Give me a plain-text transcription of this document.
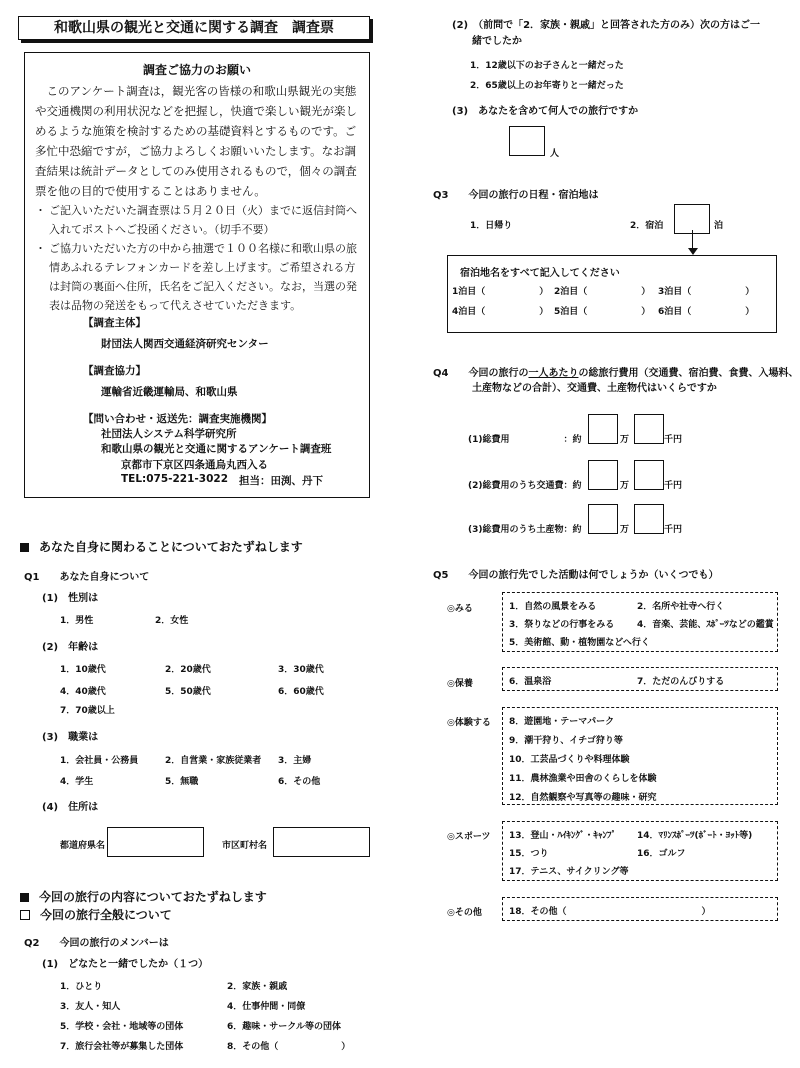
和歌山県の観光と交通に関する調査　調査票
調査ご協力のお願い
このアンケート調査は，観光客の皆様の和歌山県観光の実態や交通機関の利用状況などを把握し，快適で楽しい観光が楽しめるような施策を検討するための基礎資料とするものです。ご多忙中恐縮ですが，ご協力よろしくお願いいたします。なお調査結果は統計データとしてのみ使用されるもので，個々の調査票を他の目的で使用することはありません。
・ ご記入いただいた調査票は５月２０日（火）までに返信封筒へ入れてポストへご投函ください。（切手不要）
・ ご協力いただいた方の中から抽選で１００名様に和歌山県の旅情あふれるテレフォンカードを差し上げます。ご希望される方は封筒の裏面へ住所，氏名をご記入ください。なお，当選の発表は品物の発送をもって代えさせていただきます。
【調査主体】
財団法人関西交通経済研究センター
【調査協力】
運輸省近畿運輸局、和歌山県
【問い合わせ・返送先：調査実施機関】
社団法人システム科学研究所
和歌山県の観光と交通に関するアンケート調査班
京都市下京区四条通烏丸西入る
TEL:075-221-3022 担当：田渕、丹下
あなた自身に関わることについておたずねします
Q1　　あなた自身について
(1)　性別は
1．男性	2．女性
(2)　年齢は
1．10歳代	2．20歳代	3．30歳代
4．40歳代	5．50歳代	6．60歳代
7．70歳以上
(3)　職業は
1．会社員・公務員	2．自営業・家族従業者 3．主婦
4．学生	5．無職	6．その他
(4)　住所は
都道府県名	市区町村名
今回の旅行の内容についておたずねします
今回の旅行全般について
Q2　　今回の旅行のメンバーは
(1)　どなたと一緒でしたか（１つ）
1．ひとり	2．家族・親戚
3．友人・知人	4．仕事仲間・同僚
5．学校・会社・地域等の団体	6．趣味・サークル等の団体
7．旅行会社等が募集した団体	8．その他（　　　　　　　）
(2)　（前問で「2．家族・親戚」と回答された方のみ）次の方はご一
緒でしたか
1．12歳以下のお子さんと一緒だった
2．65歳以上のお年寄りと一緒だった
(3)　あなたを含めて何人での旅行ですか
人
Q3　　今回の旅行の日程・宿泊地は
1．日帰り	2．宿泊	泊
宿泊地名をすべて記入してください
1泊目（　　　　　　） 2泊目（　　　　　　） 3泊目（　　　　　　）
4泊目（　　　　　　） 5泊目（　　　　　　） 6泊目（　　　　　　）
Q4　　今回の旅行の一人あたりの総旅行費用（交通費、宿泊費、食費、入場料、
土産物などの合計）、交通費、土産物代はいくらですか
(1)総費用　　　　　　：約	万	千円
(2)総費用のうち交通費：約	万	千円
(3)総費用のうち土産物：約	万	千円
Q5　　今回の旅行先でした活動は何でしょうか（いくつでも）
◎みる	1．自然の風景をみる	2．名所や社寺へ行く
3．祭りなどの行事をみる	4．音楽、芸能、ｽﾎﾟｰﾂなどの鑑賞
5．美術館、動・植物園などへ行く
◎保養	6．温泉浴	7．ただのんびりする
◎体験する 8．遊園地・テーマパーク
9．潮干狩り、イチゴ狩り等
10．工芸品づくりや料理体験
11．農林漁業や田舎のくらしを体験
12．自然観察や写真等の趣味・研究
◎スポーツ 13．登山・ﾊｲｷﾝｸﾞ・ｷｬﾝﾌﾟ 14．ﾏﾘﾝｽﾎﾟｰﾂ(ﾎﾞｰﾄ・ﾖｯﾄ等)
15．つり	16．ゴルフ
17．テニス、サイクリング等
◎その他	18．その他（　　　　　　　　　　　　　　　）
